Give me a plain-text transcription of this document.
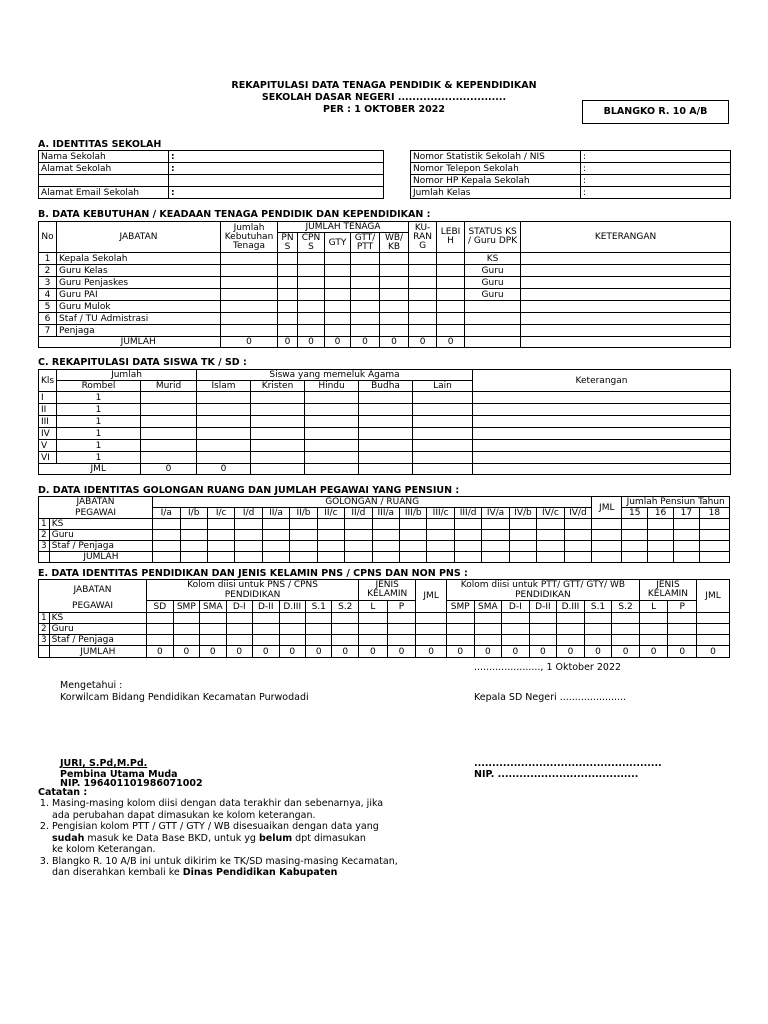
REKAPITULASI DATA TENAGA PENDIDIK & KEPENDIDIKAN
SEKOLAH DASAR NEGERI ..............................
PER : 1 OKTOBER 2022	BLANGKO R. 10 A/B
A. IDENTITAS SEKOLAH
Nama Sekolah	:
Alamat Sekolah	:

Alamat Email Sekolah	:
Nomor Statistik Sekolah / NIS	:
Nomor Telepon Sekolah	:
Nomor HP Kepala Sekolah	:
Jumlah Kelas	:
B. DATA KEBUTUHAN / KEADAAN TENAGA PENDIDIK DAN KEPENDIDIKAN :
No	JABATAN	Jumlah Kebutuhan Tenaga	JUMLAH TENAGA					KU- RAN G	LEBI H	STATUS KS / Guru DPK	KETERANGAN
			PN S	CPN S	GTY	GTT/ PTT	WB/ KB				
1	Kepala Sekolah									KS	
2	Guru Kelas									Guru	
3	Guru Penjaskes									Guru	
4	Guru PAI									Guru	
5	Guru Mulok										
6	Staf / TU Admistrasi										
7	Penjaga										
	JUMLAH	0	0	0	0	0	0	0	0		
C. REKAPITULASI DATA SISWA TK / SD :
Kls	Jumlah		Siswa yang memeluk Agama					Keterangan
	Rombel	Murid	Islam	Kristen	Hindu	Budha	Lain	
I	1							
II	1							
III	1							
IV	1							
V	1							
VI	1							
	JML	0	0					
D. DATA IDENTITAS GOLONGAN RUANG DAN JUMLAH PEGAWAI YANG PENSIUN :
JABATAN		GOLONGAN / RUANG																JML	Jumlah Pensiun Tahun			
PEGAWAI		I/a	I/b	I/c	I/d	II/a	II/b	II/c	II/d	III/a	III/b	III/c	III/d	IV/a	IV/b	IV/c	IV/d		15	16	17	18
1	KS																					
2	Guru																					
3	Staf / Penjaga																					
	JUMLAH																					
E. DATA IDENTITAS PENDIDIKAN DAN JENIS KELAMIN PNS / CPNS DAN NON PNS :
JABATAN		Kolom diisi untuk PNS / CPNS								JENIS KELAMIN		JML	Kolom diisi untuk PTT/ GTT/ GTY/ WB							JENIS KELAMIN		JML
		PENDIDIKAN											PENDIDIKAN									
PEGAWAI		SD	SMP	SMA	D-I	D-II	D.III	S.1	S.2	L	P		SMP	SMA	D-I	D-II	D.III	S.1	S.2	L	P	
1	KS																					
2	Guru																					
3	Staf / Penjaga																					
	JUMLAH	0	0	0	0	0	0	0	0	0	0	0	0	0	0	0	0	0	0	0	0	0
......................, 1 Oktober 2022
Mengetahui :
Korwilcam Bidang Pendidikan Kecamatan Purwodadi	Kepala SD Negeri ......................
JURI, S.Pd,M.Pd.
Pembina Utama Muda
NIP. 196401101986071002
....................................................
NIP. .......................................
Catatan :
1. Masing-masing kolom diisi dengan data terakhir dan sebenarnya, jika
ada perubahan dapat dimasukan ke kolom keterangan.
2. Pengisian kolom PTT / GTT / GTY / WB disesuaikan dengan data yang
sudah masuk ke Data Base BKD, untuk yg belum dpt dimasukan
ke kolom Keterangan.
3. Blangko R. 10 A/B ini untuk dikirim ke TK/SD masing-masing Kecamatan,
dan diserahkan kembali ke Dinas Pendidikan Kabupaten
